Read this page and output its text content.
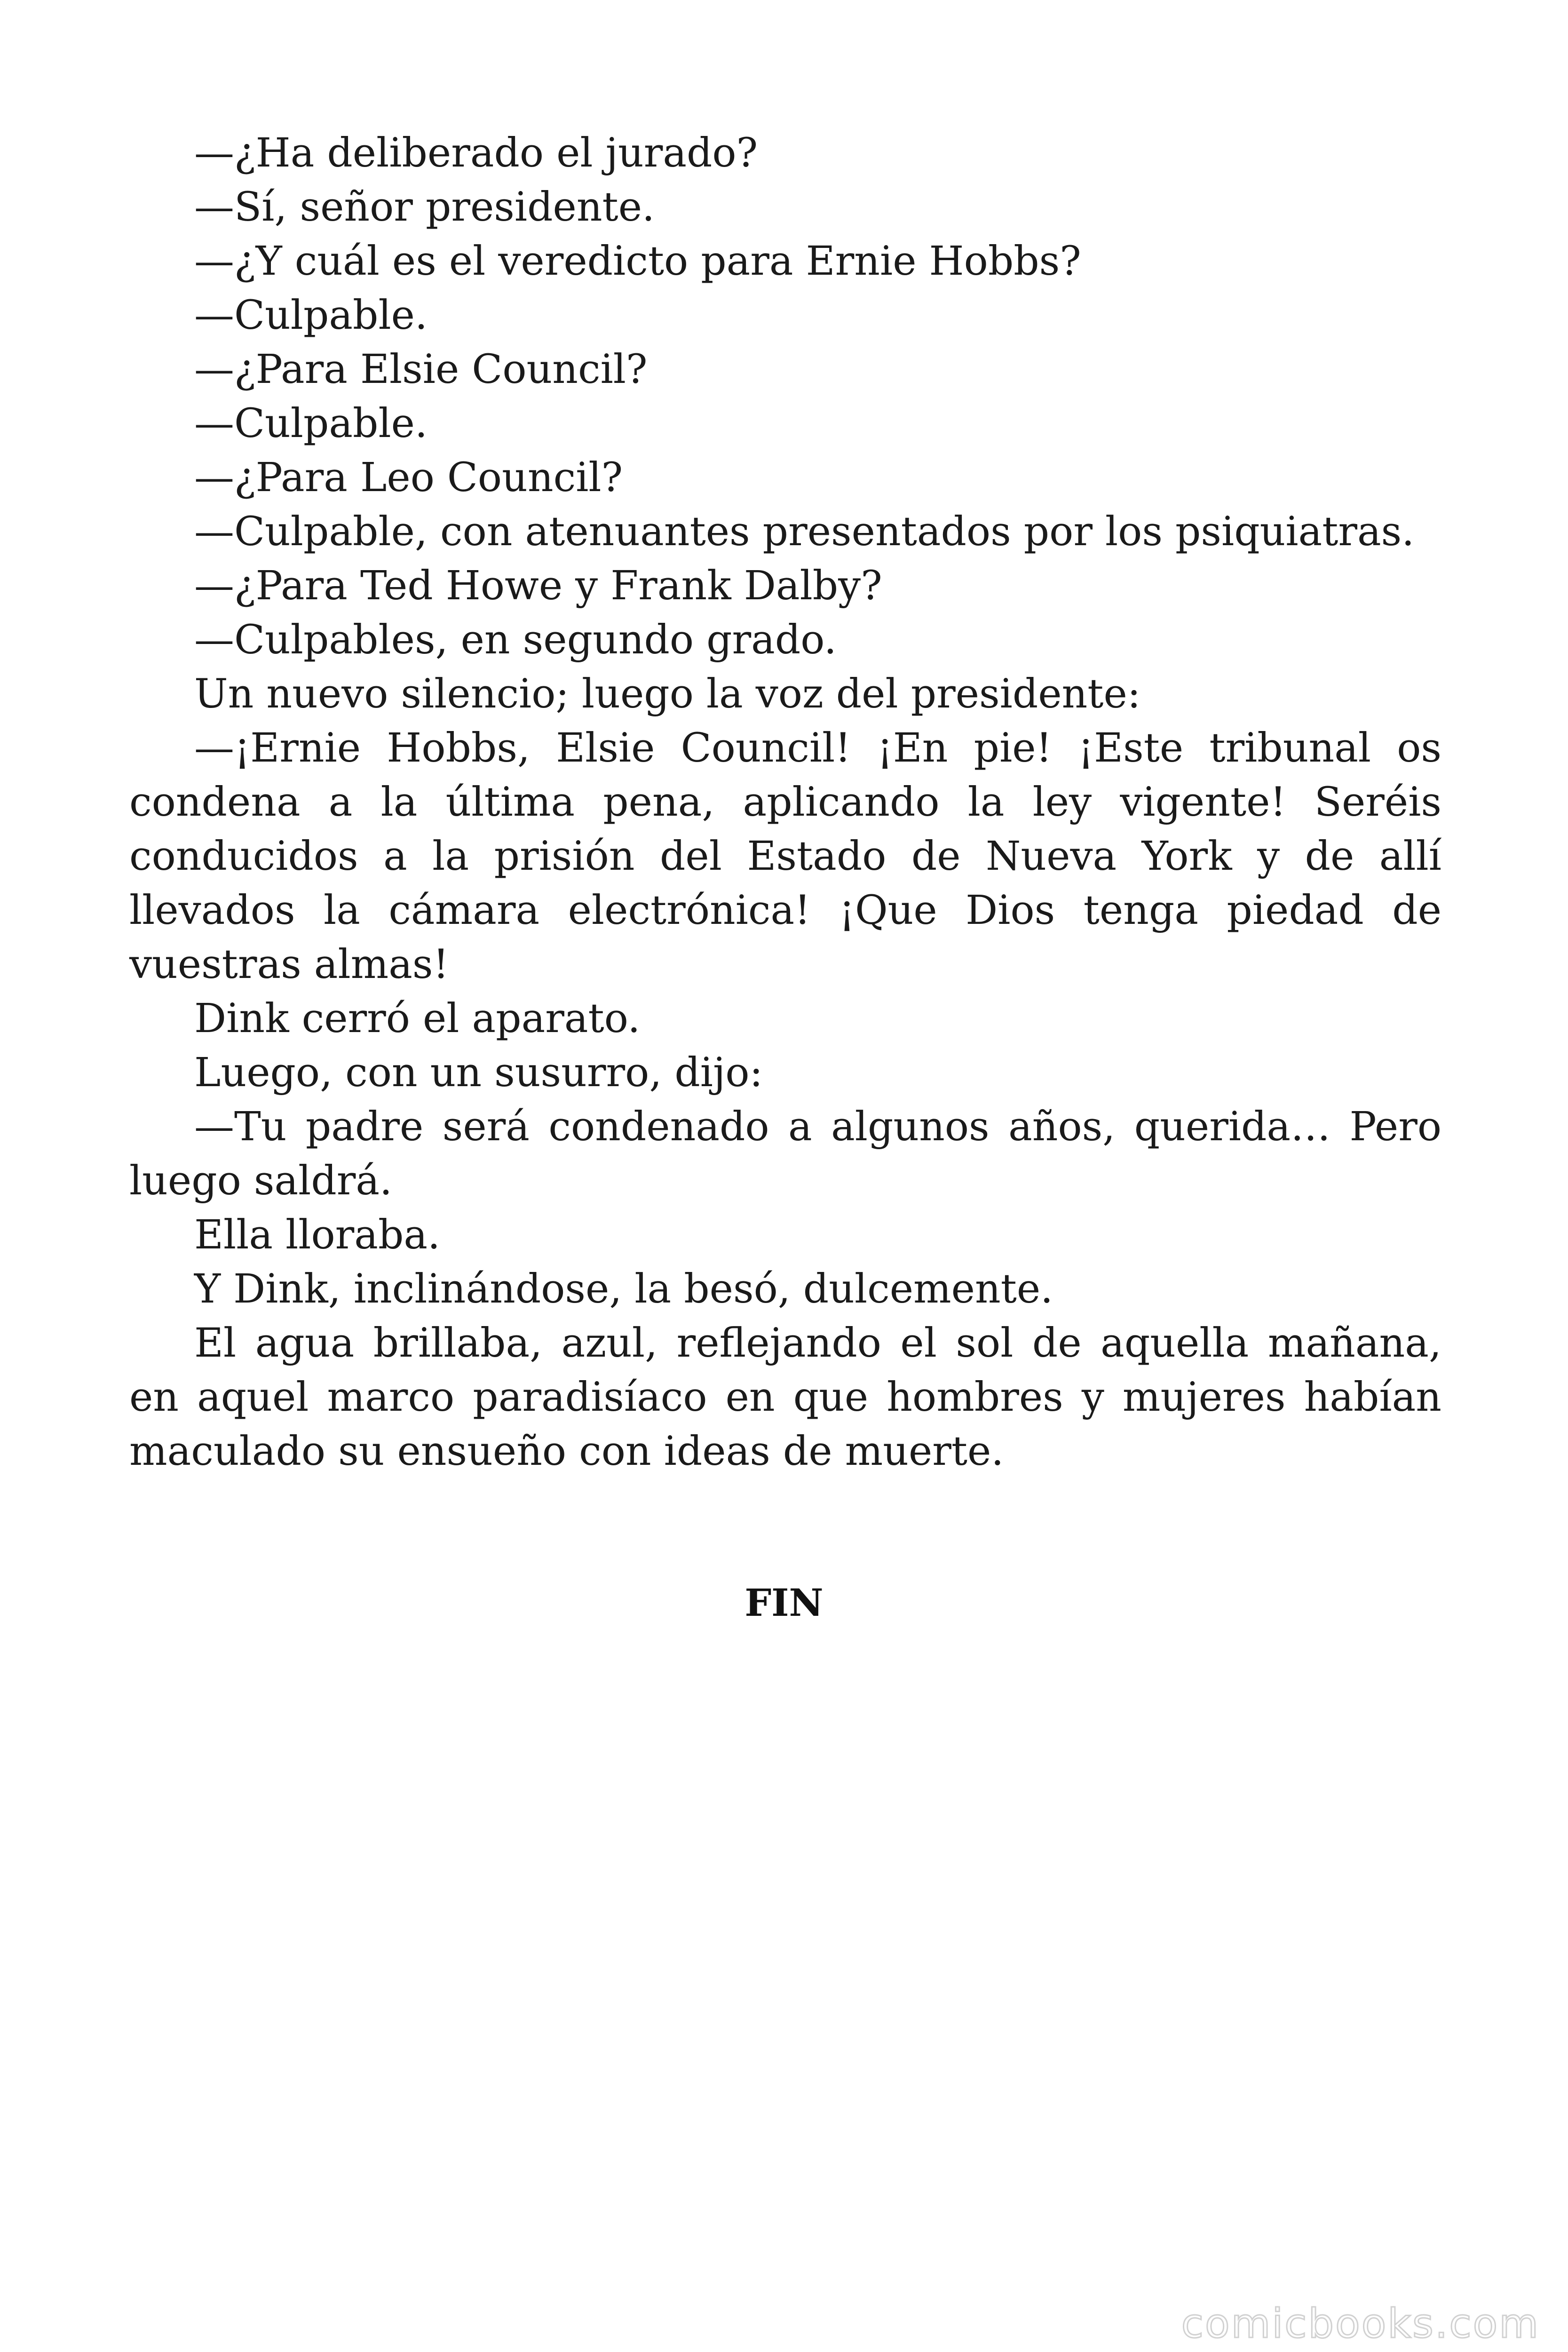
—¿Ha deliberado el jurado?

—Sí, señor presidente.

—¿Y cuál es el veredicto para Ernie Hobbs?

—Culpable.

—¿Para Elsie Council?

—Culpable.

—¿Para Leo Council?

—Culpable, con atenuantes presentados por los psiquiatras.

—¿Para Ted Howe y Frank Dalby?

—Culpables, en segundo grado.

Un nuevo silencio; luego la voz del presidente:

—¡Ernie Hobbs, Elsie Council! ¡En pie! ¡Este tribunal os condena a la última pena, aplicando la ley vigente! Seréis conducidos a la prisión del Estado de Nueva York y de allí llevados la cámara electrónica! ¡Que Dios tenga piedad de vuestras almas!

Dink cerró el aparato.

Luego, con un susurro, dijo:

—Tu padre será condenado a algunos años, querida… Pero luego saldrá.

Ella lloraba.

Y Dink, inclinándose, la besó, dulcemente.

El agua brillaba, azul, reflejando el sol de aquella mañana, en aquel marco paradisíaco en que hombres y mujeres habían maculado su ensueño con ideas de muerte.

FIN
comicbooks.com
